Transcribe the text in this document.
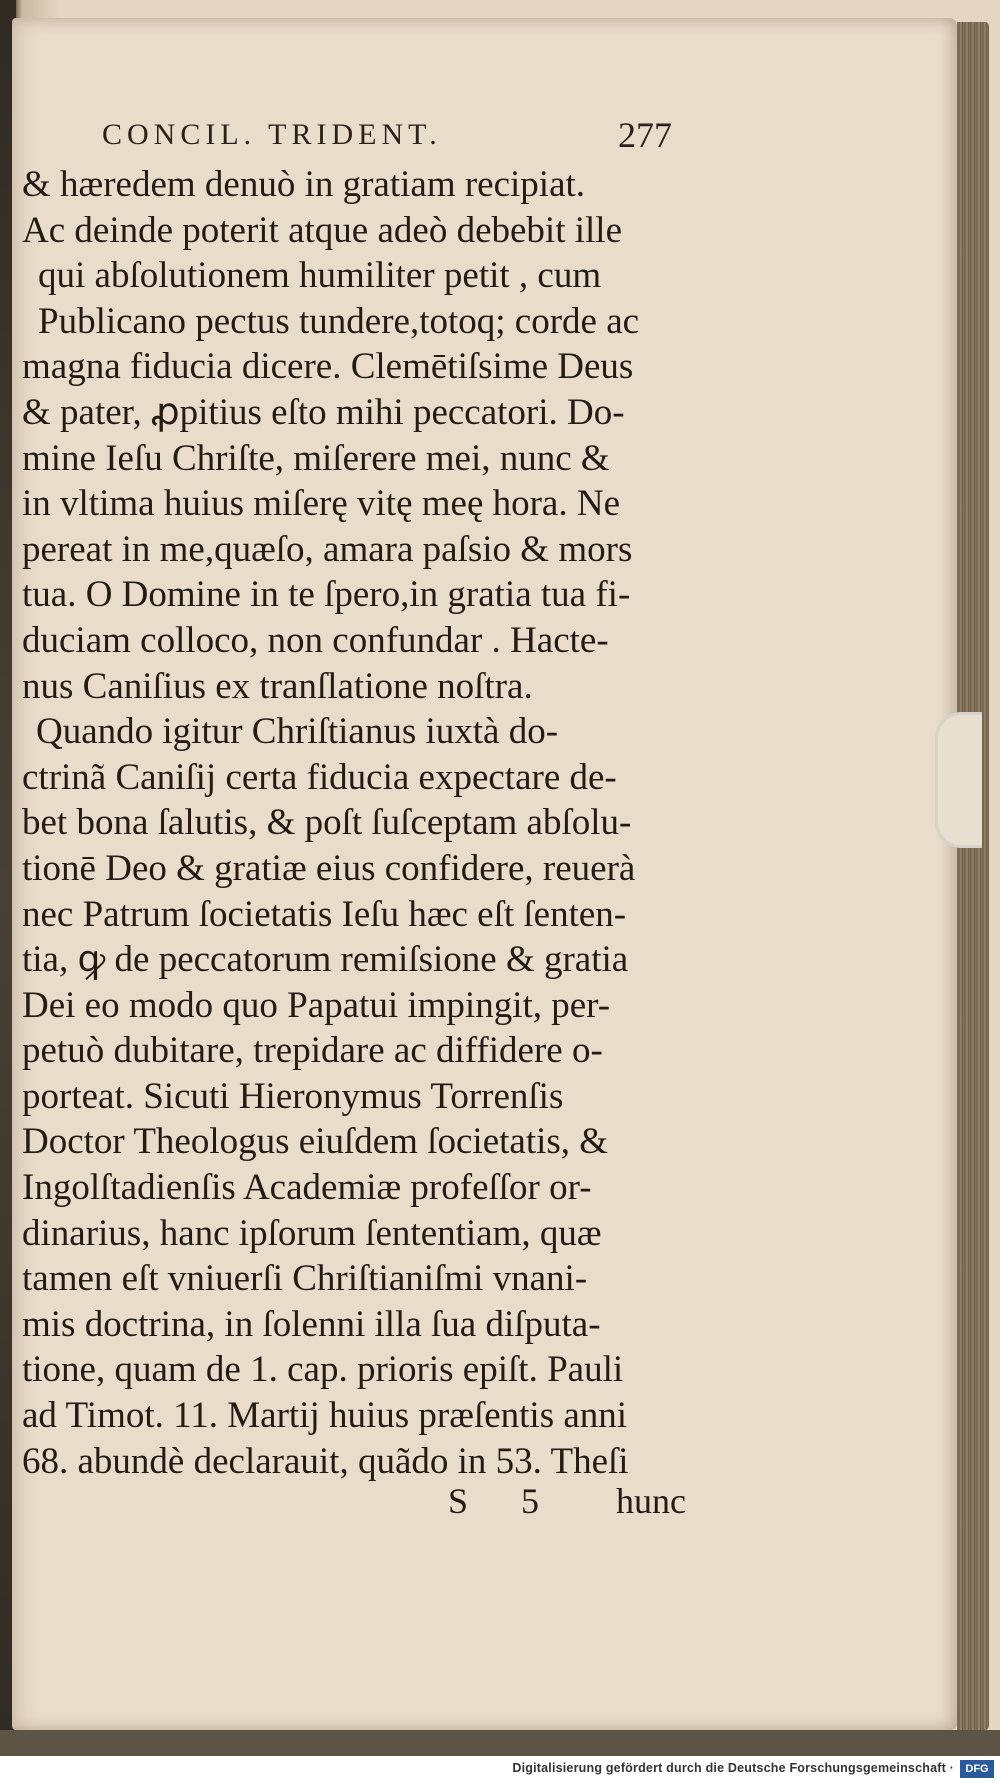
CONCIL. TRIDENT.	277
& hæredem denuò in gratiam recipiat.
Ac deinde poterit atque adeò debebit ille
qui abſolutionem humiliter petit , cum
Publicano pectus tundere,totoq; corde ac
magna fiducia dicere. Clemētiſsime Deus
& pater, ꝓpitius eſto mihi peccatori. Do-
mine Ieſu Chriſte, miſerere mei, nunc &
in vltima huius miſerę vitę meę hora. Ne
pereat in me,quæſo, amara paſsio & mors
tua. O Domine in te ſpero,in gratia tua fi-
duciam colloco, non confundar . Hacte-
nus Caniſius ex tranſlatione noſtra.
Quando igitur Chriſtianus iuxtà do-
ctrinã Caniſij certa fiducia expectare de-
bet bona ſalutis, & poſt ſuſceptam abſolu-
tionē Deo & gratiæ eius confidere, reuerà
nec Patrum ſocietatis Ieſu hæc eſt ſenten-
tia, ꝙ de peccatorum remiſsione & gratia
Dei eo modo quo Papatui impingit, per-
petuò dubitare, trepidare ac diffidere o-
porteat. Sicuti Hieronymus Torrenſis
Doctor Theologus eiuſdem ſocietatis, &
Ingolſtadienſis Academiæ profeſſor or-
dinarius, hanc ipſorum ſententiam, quæ
tamen eſt vniuerſi Chriſtianiſmi vnani-
mis doctrina, in ſolenni illa ſua diſputa-
tione, quam de 1. cap. prioris epiſt. Pauli
ad Timot. 11. Martij huius præſentis anni
68. abundè declarauit, quãdo in 53. Theſi
S 5 hunc
Digitalisierung gefördert durch die Deutsche Forschungsgemeinschaft ·	DFG
